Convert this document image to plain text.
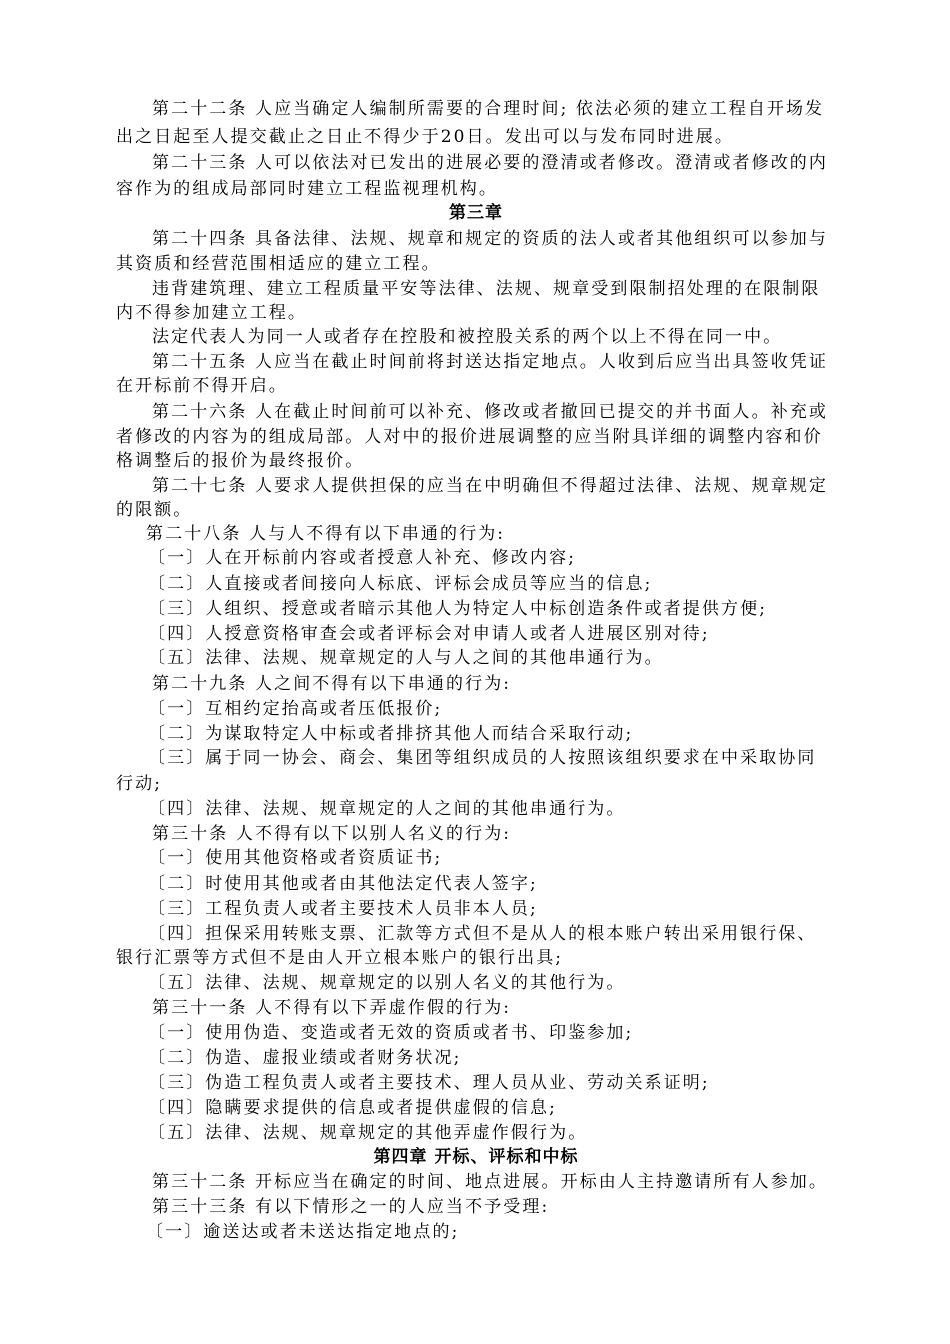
第二十二条 人应当确定人编制所需要的合理时间; 依法必须的建立工程自开场发
出之日起至人提交截止之日止不得少于20日。发出可以与发布同时进展。
第二十三条 人可以依法对已发出的进展必要的澄清或者修改。澄清或者修改的内
容作为的组成局部同时建立工程监视理机构。
第三章
第二十四条 具备法律、法规、规章和规定的资质的法人或者其他组织可以参加与
其资质和经营范围相适应的建立工程。
违背建筑理、建立工程质量平安等法律、法规、规章受到限制招处理的在限制限
内不得参加建立工程。
法定代表人为同一人或者存在控股和被控股关系的两个以上不得在同一中。
第二十五条 人应当在截止时间前将封送达指定地点。人收到后应当出具签收凭证
在开标前不得开启。
第二十六条 人在截止时间前可以补充、修改或者撤回已提交的并书面人。补充或
者修改的内容为的组成局部。人对中的报价进展调整的应当附具详细的调整内容和价
格调整后的报价为最终报价。
第二十七条 人要求人提供担保的应当在中明确但不得超过法律、法规、规章规定
的限额。
第二十八条 人与人不得有以下串通的行为:
〔一〕人在开标前内容或者授意人补充、修改内容;
〔二〕人直接或者间接向人标底、评标会成员等应当的信息;
〔三〕人组织、授意或者暗示其他人为特定人中标创造条件或者提供方便;
〔四〕人授意资格审查会或者评标会对申请人或者人进展区别对待;
〔五〕法律、法规、规章规定的人与人之间的其他串通行为。
第二十九条 人之间不得有以下串通的行为:
〔一〕互相约定抬高或者压低报价;
〔二〕为谋取特定人中标或者排挤其他人而结合采取行动;
〔三〕属于同一协会、商会、集团等组织成员的人按照该组织要求在中采取协同
行动;
〔四〕法律、法规、规章规定的人之间的其他串通行为。
第三十条 人不得有以下以别人名义的行为:
〔一〕使用其他资格或者资质证书;
〔二〕时使用其他或者由其他法定代表人签字;
〔三〕工程负责人或者主要技术人员非本人员;
〔四〕担保采用转账支票、汇款等方式但不是从人的根本账户转出采用银行保、
银行汇票等方式但不是由人开立根本账户的银行出具;
〔五〕法律、法规、规章规定的以别人名义的其他行为。
第三十一条 人不得有以下弄虚作假的行为:
〔一〕使用伪造、变造或者无效的资质或者书、印鉴参加;
〔二〕伪造、虚报业绩或者财务状况;
〔三〕伪造工程负责人或者主要技术、理人员从业、劳动关系证明;
〔四〕隐瞒要求提供的信息或者提供虚假的信息;
〔五〕法律、法规、规章规定的其他弄虚作假行为。
第四章 开标、评标和中标
第三十二条 开标应当在确定的时间、地点进展。开标由人主持邀请所有人参加。
第三十三条 有以下情形之一的人应当不予受理:
〔一〕逾送达或者未送达指定地点的;
